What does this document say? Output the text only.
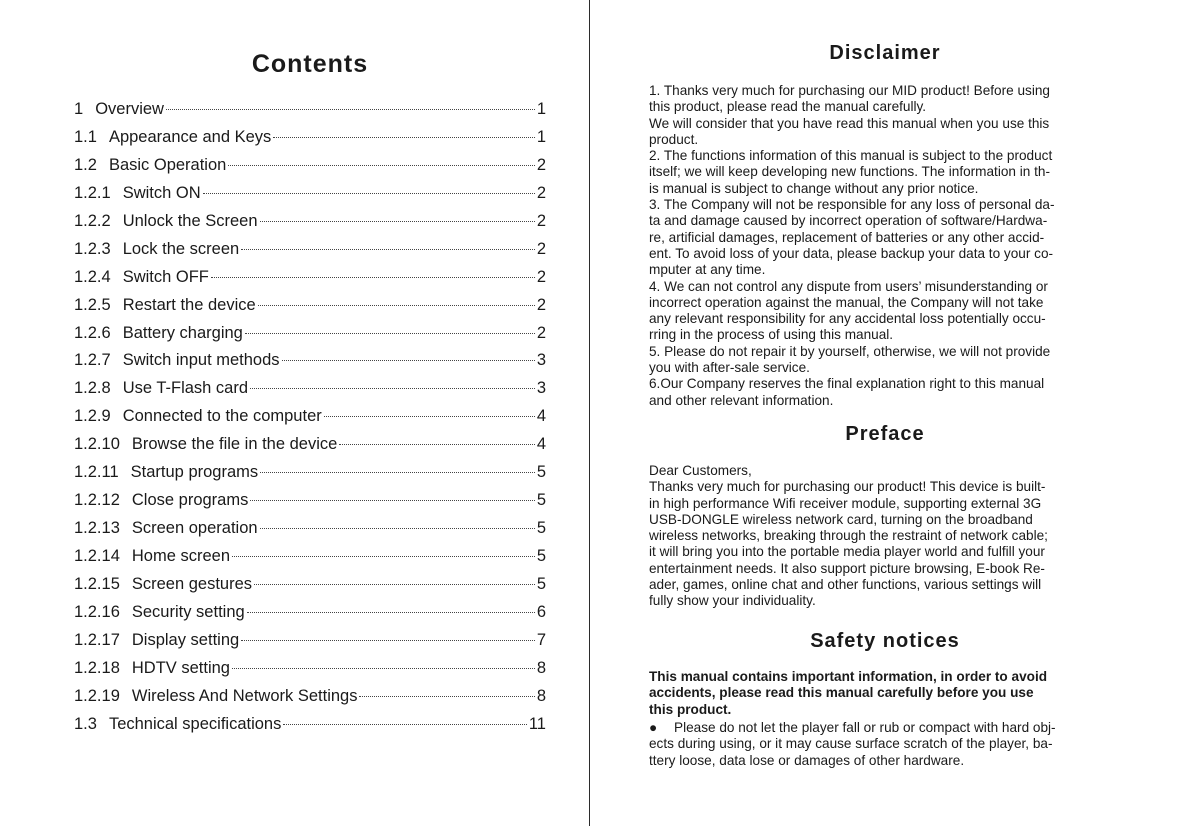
Contents
1 Overview	1
1.1 Appearance and Keys	1
1.2 Basic Operation	2
1.2.1 Switch ON	2
1.2.2 Unlock the Screen	2
1.2.3 Lock the screen	2
1.2.4 Switch OFF	2
1.2.5 Restart the device	2
1.2.6 Battery charging	2
1.2.7 Switch input methods	3
1.2.8 Use T-Flash card	3
1.2.9 Connected to the computer	4
1.2.10 Browse the file in the device	4
1.2.11 Startup programs	5
1.2.12 Close programs	5
1.2.13 Screen operation	5
1.2.14 Home screen	5
1.2.15 Screen gestures	5
1.2.16 Security setting	6
1.2.17 Display setting	7
1.2.18 HDTV setting	8
1.2.19 Wireless And Network Settings	8
1.3 Technical specifications	11
Disclaimer

1. Thanks very much for purchasing our MID product! Before using

this product, please read the manual carefully.

We will consider that you have read this manual when you use this

product.

2. The functions information of this manual is subject to the product

itself; we will keep developing new functions. The information in th-

is manual is subject to change without any prior notice.

3. The Company will not be responsible for any loss of personal da-

ta and damage caused by incorrect operation of software/Hardwa-

re, artificial damages, replacement of batteries or any other accid-

ent. To avoid loss of your data, please backup your data to your co-

mputer at any time.

4. We can not control any dispute from users’ misunderstanding or

incorrect operation against the manual, the Company will not take

any relevant responsibility for any accidental loss potentially occu-

rring in the process of using this manual.

5. Please do not repair it by yourself, otherwise, we will not provide

you with after-sale service.

6.Our Company reserves the final explanation right to this manual

and other relevant information.

Preface

Dear Customers,

Thanks very much for purchasing our product! This device is built-

in high performance Wifi receiver module, supporting external 3G

USB-DONGLE wireless network card, turning on the broadband

wireless networks, breaking through the restraint of network cable;

it will bring you into the portable media player world and fulfill your

entertainment needs. It also support picture browsing, E-book Re-

ader, games, online chat and other functions, various settings will

fully show your individuality.

Safety notices

This manual contains important information, in order to avoid

accidents, please read this manual carefully before you use

this product.

● Please do not let the player fall or rub or compact with hard obj-

ects during using, or it may cause surface scratch of the player, ba-

ttery loose, data lose or damages of other hardware.
